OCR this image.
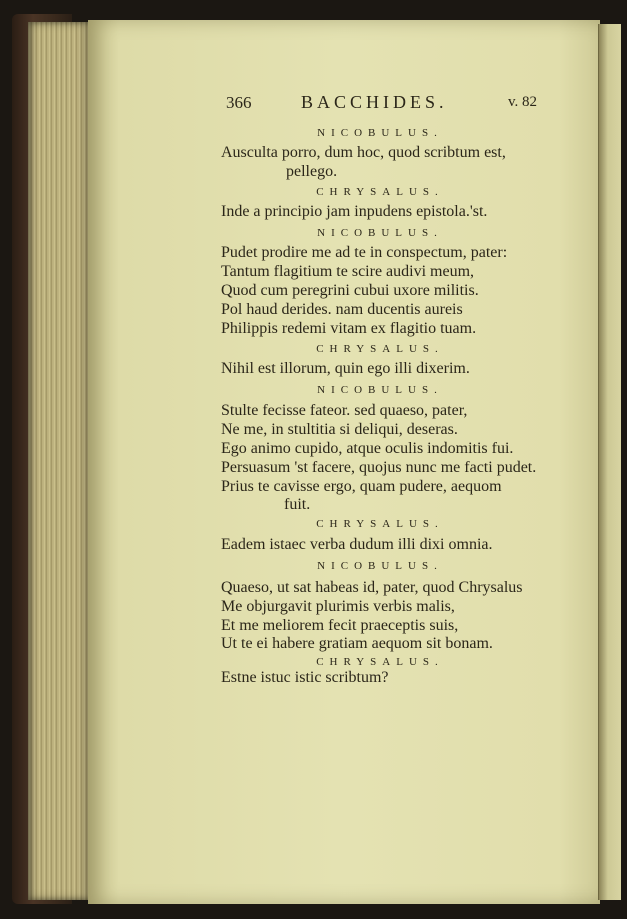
366	BACCHIDES.	v. 82
NICOBULUS.
Ausculta porro, dum hoc, quod scribtum est,
pellego.
CHRYSALUS.
Inde a principio jam inpudens epistola.'st.
NICOBULUS.
Pudet prodire me ad te in conspectum, pater:
Tantum flagitium te scire audivi meum,
Quod cum peregrini cubui uxore militis.
Pol haud derides. nam ducentis aureis
Philippis redemi vitam ex flagitio tuam.
CHRYSALUS.
Nihil est illorum, quin ego illi dixerim.
NICOBULUS.
Stulte fecisse fateor. sed quaeso, pater,
Ne me, in stultitia si deliqui, deseras.
Ego animo cupido, atque oculis indomitis fui.
Persuasum 'st facere, quojus nunc me facti pudet.
Prius te cavisse ergo, quam pudere, aequom
fuit.
CHRYSALUS.
Eadem istaec verba dudum illi dixi omnia.
NICOBULUS.
Quaeso, ut sat habeas id, pater, quod Chrysalus
Me objurgavit plurimis verbis malis,
Et me meliorem fecit praeceptis suis,
Ut te ei habere gratiam aequom sit bonam.
CHRYSALUS.
Estne istuc istic scribtum?
